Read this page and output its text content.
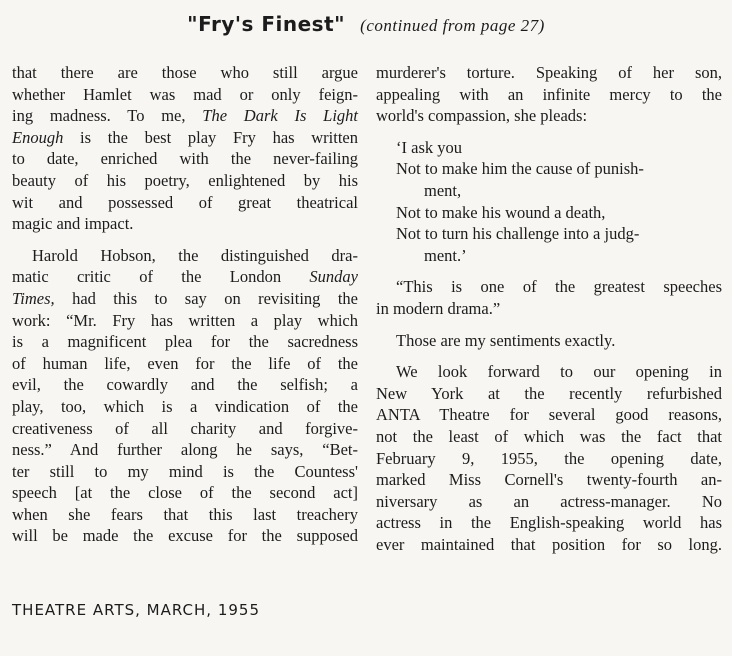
"Fry's Finest" (continued from page 27)
that there are those who still argue
whether Hamlet was mad or only feign-
ing madness. To me, The Dark Is Light
Enough is the best play Fry has written
to date, enriched with the never-failing
beauty of his poetry, enlightened by his
wit and possessed of great theatrical
magic and impact.
Harold Hobson, the distinguished dra-
matic critic of the London Sunday
Times, had this to say on revisiting the
work: “Mr. Fry has written a play which
is a magnificent plea for the sacredness
of human life, even for the life of the
evil, the cowardly and the selfish; a
play, too, which is a vindication of the
creativeness of all charity and forgive-
ness.” And further along he says, “Bet-
ter still to my mind is the Countess'
speech [at the close of the second act]
when she fears that this last treachery
will be made the excuse for the supposed
murderer's torture. Speaking of her son,
appealing with an infinite mercy to the
world's compassion, she pleads:
‘I ask you
Not to make him the cause of punish-
ment,
Not to make his wound a death,
Not to turn his challenge into a judg-
ment.’
“This is one of the greatest speeches
in modern drama.”
Those are my sentiments exactly.
We look forward to our opening in
New York at the recently refurbished
ANTA Theatre for several good reasons,
not the least of which was the fact that
February 9, 1955, the opening date,
marked Miss Cornell's twenty-fourth an-
niversary as an actress-manager. No
actress in the English-speaking world has
ever maintained that position for so long.
THEATRE ARTS, MARCH, 1955
